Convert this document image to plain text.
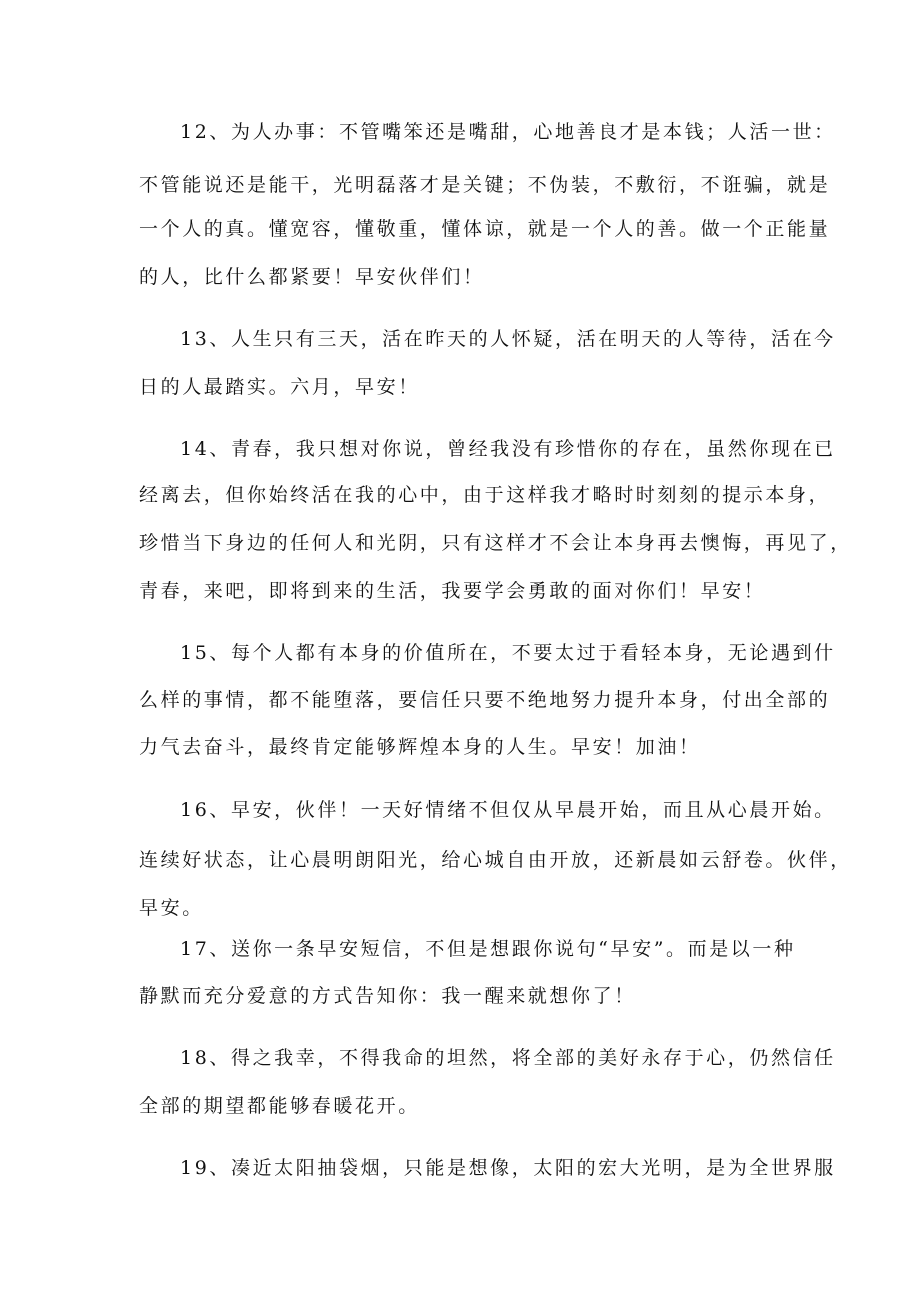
12、为人办事：不管嘴笨还是嘴甜，心地善良才是本钱；人活一世：

不管能说还是能干，光明磊落才是关键；不伪装，不敷衍，不诳骗，就是

一个人的真。懂宽容，懂敬重，懂体谅，就是一个人的善。做一个正能量

的人，比什么都紧要！早安伙伴们！

13、人生只有三天，活在昨天的人怀疑，活在明天的人等待，活在今

日的人最踏实。六月，早安！

14、青春，我只想对你说，曾经我没有珍惜你的存在，虽然你现在已

经离去，但你始终活在我的心中，由于这样我才略时时刻刻的提示本身，

珍惜当下身边的任何人和光阴，只有这样才不会让本身再去懊悔，再见了，

青春，来吧，即将到来的生活，我要学会勇敢的面对你们！早安！

15、每个人都有本身的价值所在，不要太过于看轻本身，无论遇到什

么样的事情，都不能堕落，要信任只要不绝地努力提升本身，付出全部的

力气去奋斗，最终肯定能够辉煌本身的人生。早安！加油！

16、早安，伙伴！一天好情绪不但仅从早晨开始，而且从心晨开始。

连续好状态，让心晨明朗阳光，给心城自由开放，还新晨如云舒卷。伙伴，

早安。

17、送你一条早安短信，不但是想跟你说句“早安”。而是以一种

静默而充分爱意的方式告知你：我一醒来就想你了！

18、得之我幸，不得我命的坦然，将全部的美好永存于心，仍然信任

全部的期望都能够春暖花开。

19、凑近太阳抽袋烟，只能是想像，太阳的宏大光明，是为全世界服
